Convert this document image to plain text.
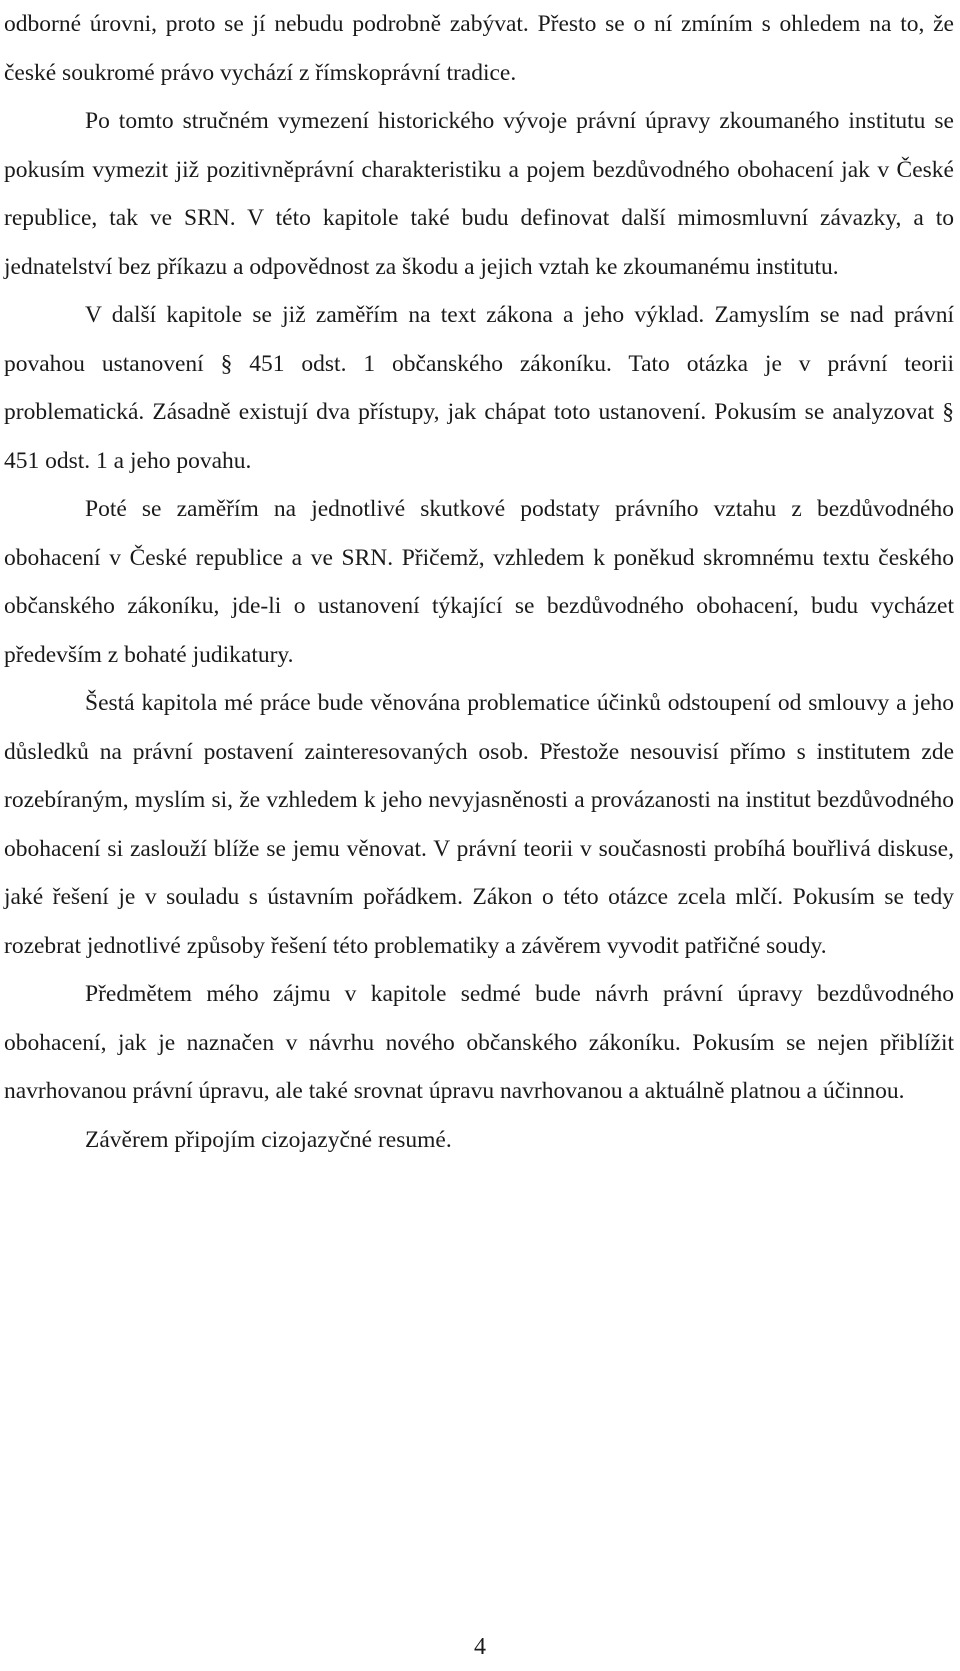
odborné úrovni, proto se jí nebudu podrobně zabývat. Přesto se o ní zmíním s ohledem na to, že české soukromé právo vychází z římskoprávní tradice.

Po tomto stručném vymezení historického vývoje právní úpravy zkoumaného institutu se pokusím vymezit již pozitivněprávní charakteristiku a pojem bezdůvodného obohacení jak v České republice, tak ve SRN. V této kapitole také budu definovat další mimosmluvní závazky, a to jednatelství bez příkazu a odpovědnost za škodu a jejich vztah ke zkoumanému institutu.

V další kapitole se již zaměřím na text zákona a jeho výklad. Zamyslím se nad právní povahou ustanovení § 451 odst. 1 občanského zákoníku. Tato otázka je v právní teorii problematická. Zásadně existují dva přístupy, jak chápat toto ustanovení. Pokusím se analyzovat § 451 odst. 1 a jeho povahu.

Poté se zaměřím na jednotlivé skutkové podstaty právního vztahu z bezdůvodného obohacení v České republice a ve SRN. Přičemž, vzhledem k poněkud skromnému textu českého občanského zákoníku, jde-li o ustanovení týkající se bezdůvodného obohacení, budu vycházet především z bohaté judikatury.

Šestá kapitola mé práce bude věnována problematice účinků odstoupení od smlouvy a jeho důsledků na právní postavení zainteresovaných osob. Přestože nesouvisí přímo s institutem zde rozebíraným, myslím si, že vzhledem k jeho nevyjasněnosti a provázanosti na institut bezdůvodného obohacení si zaslouží blíže se jemu věnovat. V právní teorii v současnosti probíhá bouřlivá diskuse, jaké řešení je v souladu s ústavním pořádkem. Zákon o této otázce zcela mlčí. Pokusím se tedy rozebrat jednotlivé způsoby řešení této problematiky a závěrem vyvodit patřičné soudy.

Předmětem mého zájmu v kapitole sedmé bude návrh právní úpravy bezdůvodného obohacení, jak je naznačen v návrhu nového občanského zákoníku. Pokusím se nejen přiblížit navrhovanou právní úpravu, ale také srovnat úpravu navrhovanou a aktuálně platnou a účinnou.

Závěrem připojím cizojazyčné resumé.

4
